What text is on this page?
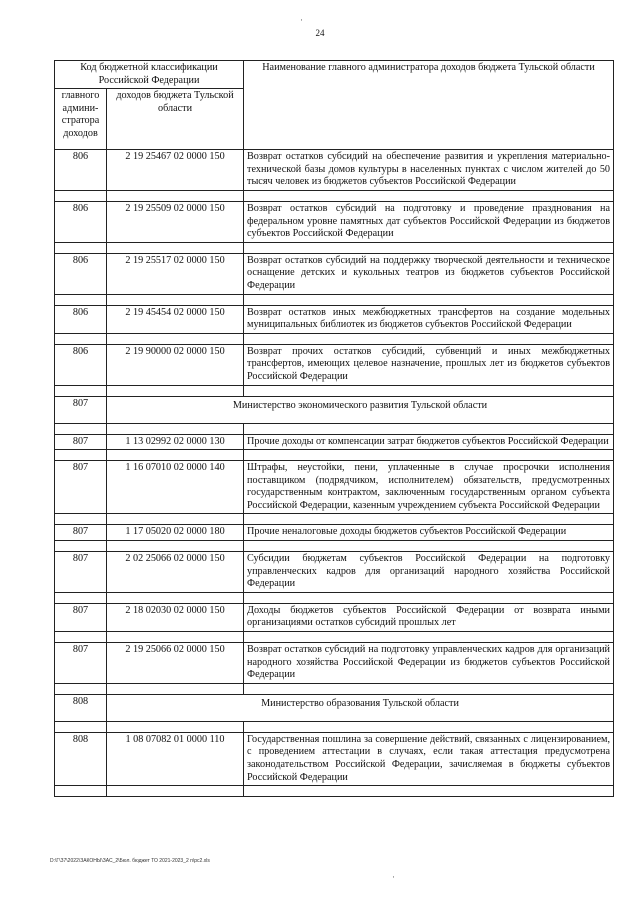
24
Код бюджетной классификации Российской Федерации		Наименование главного администратора доходов бюджета Тульской области
главного админи-стратора доходов	доходов бюджета Тульской области	
806	2 19 25467 02 0000 150	Возврат остатков субсидий на обеспечение развития и укрепления материально-технической базы домов культуры в населенных пунктах с числом жителей до 50 тысяч человек из бюджетов субъектов Российской Федерации

806	2 19 25509 02 0000 150	Возврат остатков субсидий на подготовку и проведение празднования на федеральном уровне памятных дат субъектов Российской Федерации из бюджетов субъектов Российской Федерации

806	2 19 25517 02 0000 150	Возврат остатков субсидий на поддержку творческой деятельности и техническое оснащение детских и кукольных театров из бюджетов субъектов Российской Федерации

806	2 19 45454 02 0000 150	Возврат остатков иных межбюджетных трансфертов на создание модельных муниципальных библиотек из бюджетов субъектов Российской Федерации

806	2 19 90000 02 0000 150	Возврат прочих остатков субсидий, субвенций и иных межбюджетных трансфертов, имеющих целевое назначение, прошлых лет из бюджетов субъектов Российской Федерации

807	Министерство экономического развития Тульской области	

807	1 13 02992 02 0000 130	Прочие доходы от компенсации затрат бюджетов субъектов Российской Федерации

807	1 16 07010 02 0000 140	Штрафы, неустойки, пени, уплаченные в случае просрочки исполнения поставщиком (подрядчиком, исполнителем) обязательств, предусмотренных государственным контрактом, заключенным государственным органом субъекта Российской Федерации, казенным учреждением субъекта Российской Федерации

807	1 17 05020 02 0000 180	Прочие неналоговые доходы бюджетов субъектов Российской Федерации

807	2 02 25066 02 0000 150	Субсидии бюджетам субъектов Российской Федерации на подготовку управленческих кадров для организаций народного хозяйства Российской Федерации

807	2 18 02030 02 0000 150	Доходы бюджетов субъектов Российской Федерации от возврата иными организациями остатков субсидий прошлых лет

807	2 19 25066 02 0000 150	Возврат остатков субсидий на подготовку управленческих кадров для организаций народного хозяйства Российской Федерации из бюджетов субъектов Российской Федерации

808	Министерство образования Тульской области	

808	1 08 07082 01 0000 110	Государственная пошлина за совершение действий, связанных с лицензированием, с проведением аттестации в случаях, если такая аттестация предусмотрена законодательством Российской Федерации, зачисляемая в бюджеты субъектов Российской Федерации

D:\Г\З7\2022\ЗАКОНЫ\ЗАС_2\Бюл. бюджет ТО 2021-2023_2 п\рс2.xls
·
·
